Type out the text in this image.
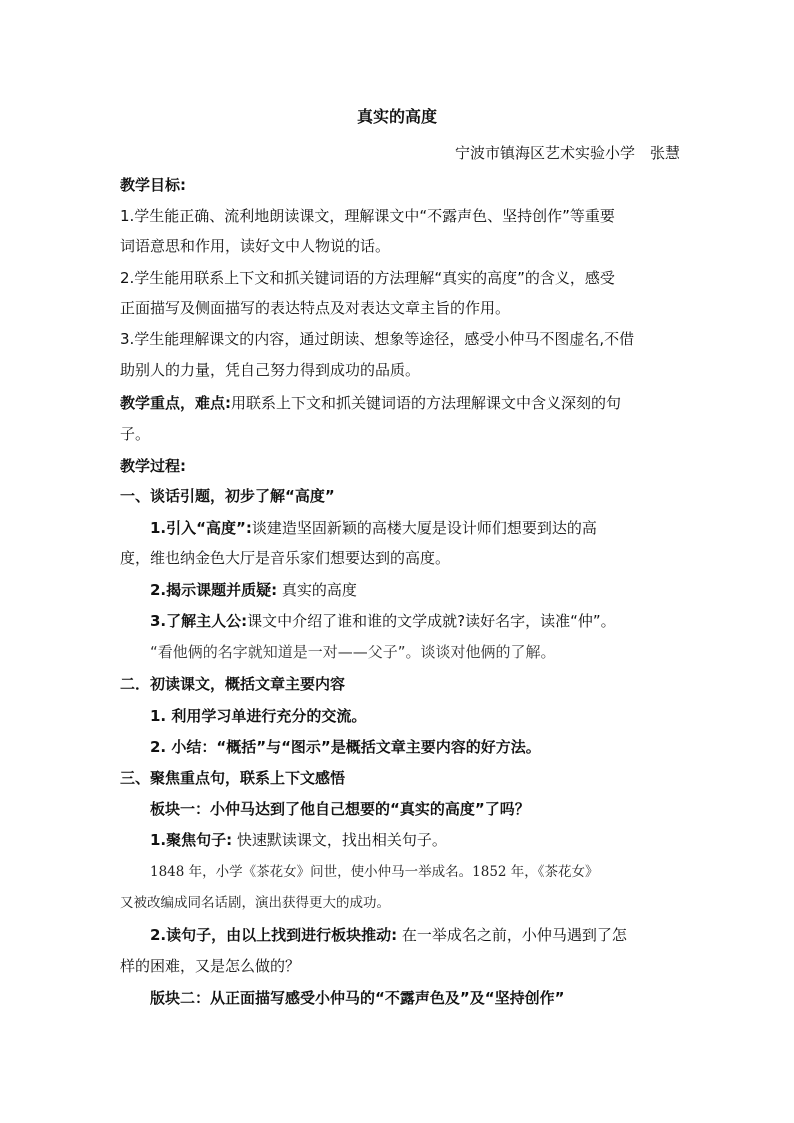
真实的高度
宁波市镇海区艺术实验小学　张慧
教学目标:
1.学生能正确、流利地朗读课文，理解课文中“不露声色、坚持创作”等重要
词语意思和作用，读好文中人物说的话。
2.学生能用联系上下文和抓关键词语的方法理解“真实的高度”的含义，感受
正面描写及侧面描写的表达特点及对表达文章主旨的作用。
3.学生能理解课文的内容，通过朗读、想象等途径，感受小仲马不图虚名,不借
助别人的力量，凭自己努力得到成功的品质。
教学重点，难点:用联系上下文和抓关键词语的方法理解课文中含义深刻的句
子。
教学过程:
一、谈话引题，初步了解“高度”
1.引入“高度”:谈建造坚固新颖的高楼大厦是设计师们想要到达的高
度，维也纳金色大厅是音乐家们想要达到的高度。
2.揭示课题并质疑: 真实的高度
3.了解主人公:课文中介绍了谁和谁的文学成就?读好名字，读准“仲”。
“看他俩的名字就知道是一对——父子”。谈谈对他俩的了解。
二．初读课文，概括文章主要内容
1. 利用学习单进行充分的交流。
2. 小结：“概括”与“图示”是概括文章主要内容的好方法。
三、聚焦重点句，联系上下文感悟
板块一：小仲马达到了他自己想要的“真实的高度”了吗？
1.聚焦句子: 快速默读课文，找出相关句子。
1848 年，小学《茶花女》问世，使小仲马一举成名。1852 年，《茶花女》
又被改编成同名话剧，演出获得更大的成功。
2.读句子，由以上找到进行板块推动: 在一举成名之前，小仲马遇到了怎
样的困难，又是怎么做的？
版块二：从正面描写感受小仲马的“不露声色及”及“坚持创作”
